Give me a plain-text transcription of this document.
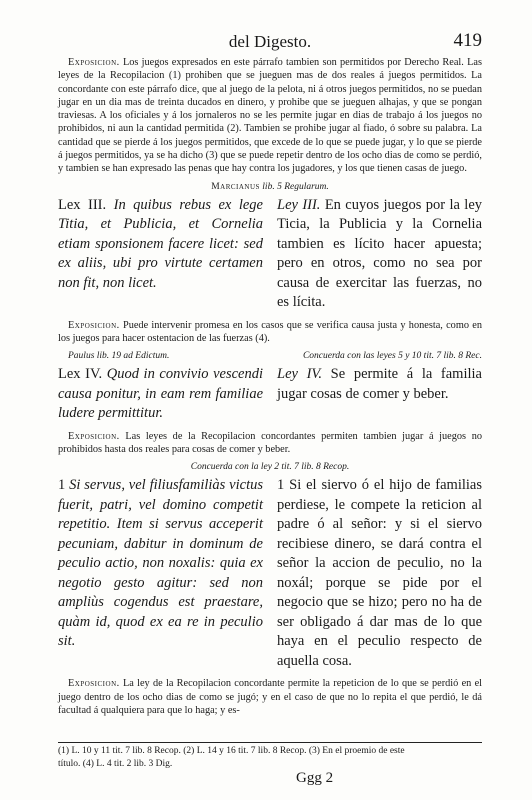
del Digesto.	419

Exposicion. Los juegos expresados en este párrafo tambien son permitidos por Derecho Real. Las leyes de la Recopilacion (1) prohiben que se jueguen mas de dos reales á juegos permitidos. La concordante con este párrafo dice, que al juego de la pelota, ni á otros juegos permitidos, no se puedan jugar en un dia mas de treinta ducados en dinero, y prohibe que se jueguen alhajas, y que se pongan traviesas. A los oficiales y á los jornaleros no se les permite jugar en dias de trabajo á los juegos no prohibidos, ni aun la cantidad permitida (2). Tambien se prohibe jugar al fiado, ó sobre su palabra. La cantidad que se pierde á los juegos permitidos, que excede de lo que se puede jugar, y lo que se pierde á juegos permitidos, ya se ha dicho (3) que se puede repetir dentro de los ocho dias de como se perdió, y tambien se han expresado las penas que hay contra los jugadores, y los que tienen casas de juego.

Marcianus lib. 5 Regularum.

Lex III. In quibus rebus ex lege Titia, et Publicia, et Cornelia etiam sponsionem facere licet: sed ex aliis, ubi pro virtute certamen non fit, non licet.

Ley III. En cuyos juegos por la ley Ticia, la Publicia y la Cornelia tambien es lícito hacer apuesta; pero en otros, como no sea por causa de exercitar las fuerzas, no es lícita.

Exposicion. Puede intervenir promesa en los casos que se verifica causa justa y honesta, como en los juegos para hacer ostentacion de las fuerzas (4).

Paulus lib. 19 ad Edictum.	Concuerda con las leyes 5 y 10 tit. 7 lib. 8 Rec.

Lex IV. Quod in convivio vescendi causa ponitur, in eam rem familiae ludere permittitur.

Ley IV. Se permite á la familia jugar cosas de comer y beber.

Exposicion. Las leyes de la Recopilacion concordantes permiten tambien jugar á juegos no prohibidos hasta dos reales para cosas de comer y beber.

Concuerda con la ley 2 tit. 7 lib. 8 Recop.

1 Si servus, vel filiusfamiliàs victus fuerit, patri, vel domino competit repetitio. Item si servus acceperit pecuniam, dabitur in dominum de peculio actio, non noxalis: quia ex negotio gesto agitur: sed non ampliùs cogendus est praestare, quàm id, quod ex ea re in peculio sit.

1 Si el siervo ó el hijo de familias perdiese, le compete la reticion al padre ó al señor: y si el siervo recibiese dinero, se dará contra el señor la accion de peculio, no la noxál; porque se pide por el negocio que se hizo; pero no ha de ser obligado á dar mas de lo que haya en el peculio respecto de aquella cosa.

Exposicion. La ley de la Recopilacion concordante permite la repeticion de lo que se perdió en el juego dentro de los ocho dias de como se jugó; y en el caso de que no lo repita el que perdió, le dá facultad á qualquiera para que lo haga; y es-

(1) L. 10 y 11 tit. 7 lib. 8 Recop. (2) L. 14 y 16 tit. 7 lib. 8 Recop. (3) En el proemio de este
título. (4) L. 4 tit. 2 lib. 3 Dig.
Ggg 2
